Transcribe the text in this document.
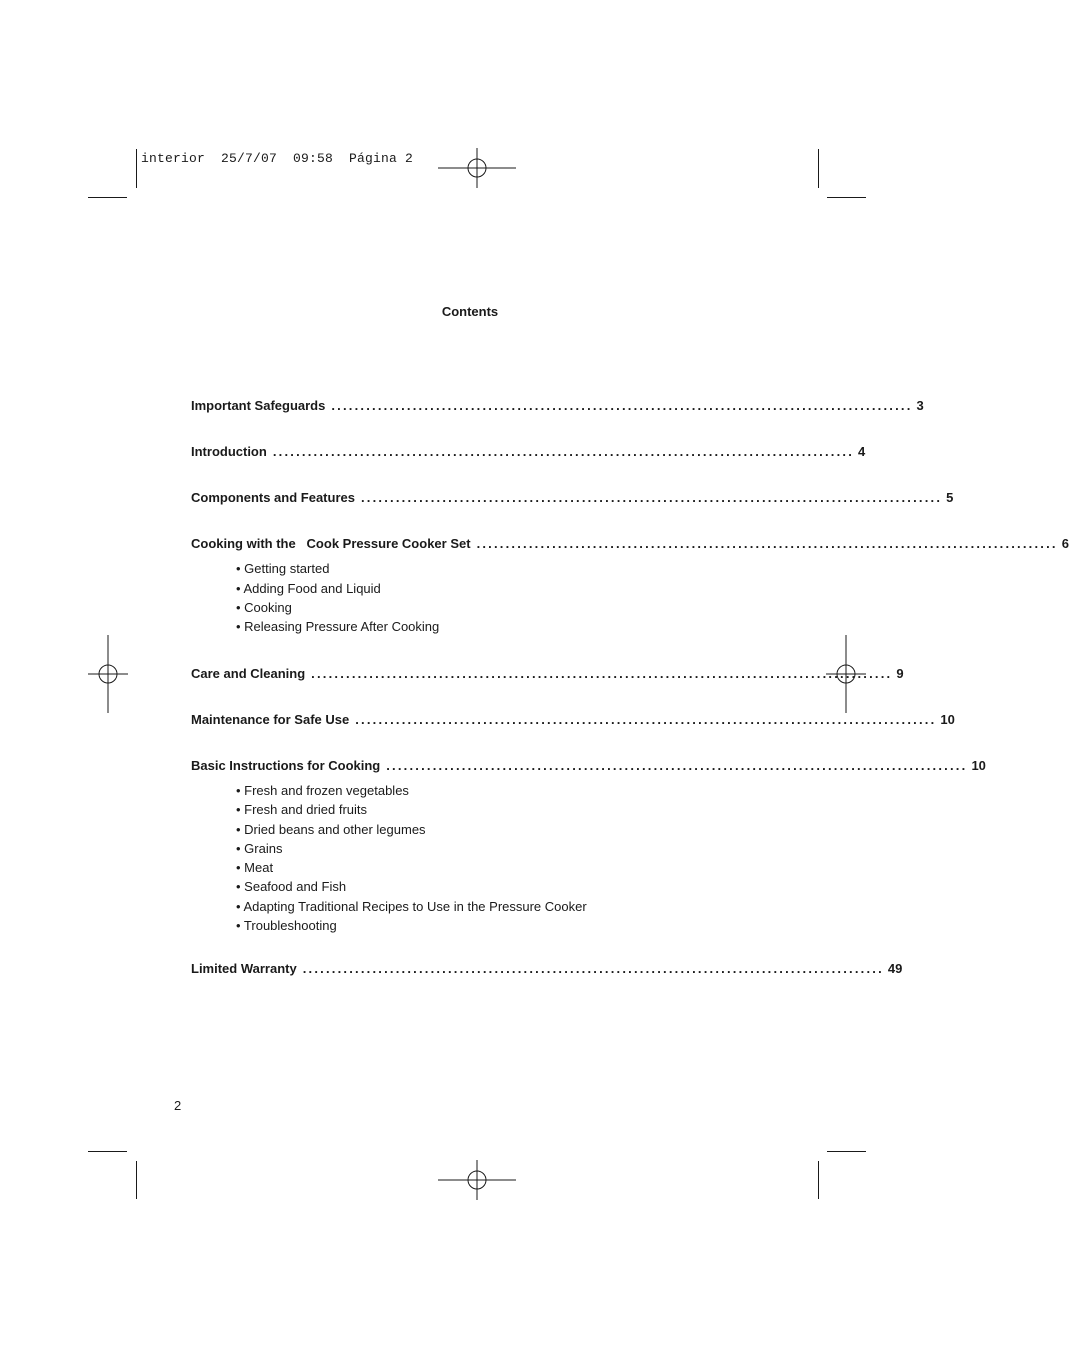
interior  25/7/07  09:58  Página 2
Contents
Important Safeguards .................................................................................................... 3
Introduction .................................................................................................... 4
Components and Features .................................................................................................... 5
Cooking with the   Cook Pressure Cooker Set .................................................................................................... 6
• Getting started
• Adding Food and Liquid
• Cooking
• Releasing Pressure After Cooking
Care and Cleaning .................................................................................................... 9
Maintenance for Safe Use .................................................................................................... 10
Basic Instructions for Cooking .................................................................................................... 10
• Fresh and frozen vegetables
• Fresh and dried fruits
• Dried beans and other legumes
• Grains
• Meat
• Seafood and Fish
• Adapting Traditional Recipes to Use in the Pressure Cooker
• Troubleshooting
Limited Warranty .................................................................................................... 49
2
